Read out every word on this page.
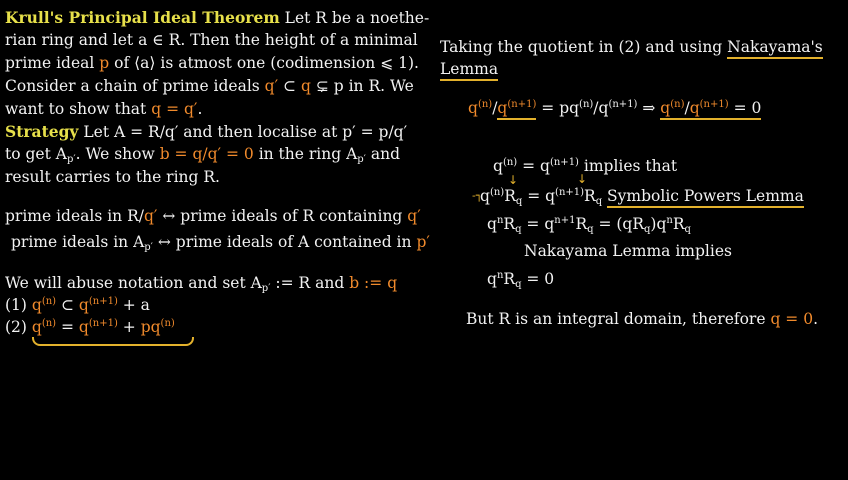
Krull's Principal Ideal Theorem Let R be a noethe-
rian ring and let a ∈ R. Then the height of a minimal
prime ideal p of ⟨a⟩ is atmost one (codimension ⩽ 1).
Consider a chain of prime ideals q′ ⊂ q ⊊ p in R. We
want to show that q = q′.
Strategy Let A = R/q′ and then localise at p′ = p/q′
to get $A_{p'}$. We show b = q/q′ = 0 in the ring $A_{p'}$ and
result carries to the ring R.
prime ideals in R/q′ ↔ prime ideals of R containing q′
prime ideals in $A_{p'}$ ↔ prime ideals of A contained in p′
We will abuse notation and set $A_{p'}$ := R and b := q
(1) $q^{(n)}$ ⊂ $q^{(n+1)} + a$
(2) $q^{(n)} = q^{(n+1)} + pq^{(n)}$
Taking the quotient in (2) and using Nakayama's
Lemma
$q^{(n)}/q^{(n+1)} = pq^{(n)}/q^{(n+1)}$ ⇒ $q^{(n)}/q^{(n+1)} = 0$
$q^{(n)} = q^{(n+1)}$ implies that
↓	↓
-┐
$q^{(n)}R_q = q^{(n+1)}R_q$ Symbolic Powers Lemma
$q^nR_q = q^{n+1}R_q = (qR_q)q^nR_q$
Nakayama Lemma implies
$q^nR_q = 0$
But R is an integral domain, therefore q = 0.
